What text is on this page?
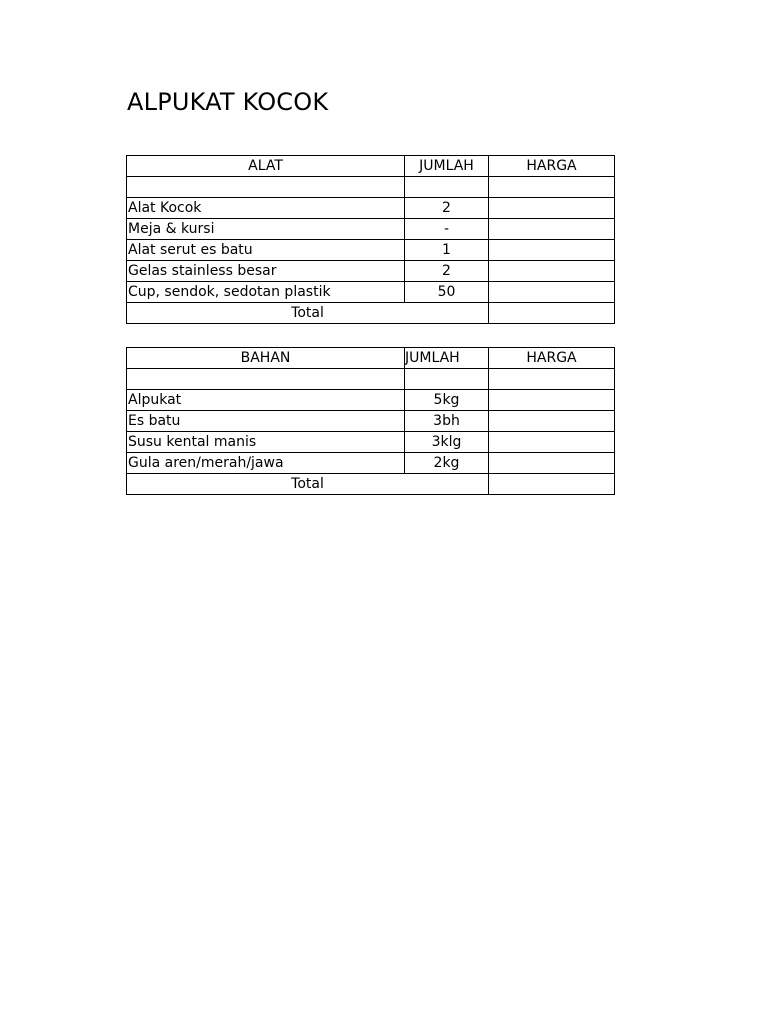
ALPUKAT KOCOK
ALAT	JUMLAH	HARGA

Alat Kocok	2	
Meja & kursi	-	
Alat serut es batu	1	
Gelas stainless besar	2	
Cup, sendok, sedotan plastik	50	
Total		
BAHAN	JUMLAH	HARGA

Alpukat	5kg	
Es batu	3bh	
Susu kental manis	3klg	
Gula aren/merah/jawa	2kg	
Total		
